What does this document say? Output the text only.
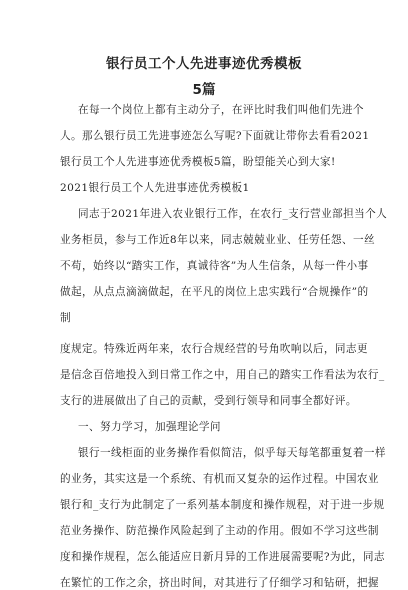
银行员工个人先进事迹优秀模板
5篇
在每一个岗位上都有主动分子，在评比时我们叫他们先进个
人。那么银行员工先进事迹怎么写呢?下面就让带你去看看2021
银行员工个人先进事迹优秀模板5篇，盼望能关心到大家!
2021银行员工个人先进事迹优秀模板1
同志于2021年进入农业银行工作，在农行_支行营业部担当个人
业务柜员，参与工作近8年以来，同志兢兢业业、任劳任怨、一丝
不苟，始终以“踏实工作，真诚待客”为人生信条，从每一件小事
做起，从点点滴滴做起，在平凡的岗位上忠实践行“合规操作”的
制
度规定。特殊近两年来，农行合规经营的号角吹响以后，同志更
是信念百倍地投入到日常工作之中，用自己的踏实工作看法为农行_
支行的进展做出了自己的贡献，受到行领导和同事全都好评。
一、努力学习，加强理论学问
银行一线柜面的业务操作看似简洁，似乎每天每笔都重复着一样
的业务，其实这是一个系统、有机而又复杂的运作过程。中国农业
银行和_支行为此制定了一系列基本制度和操作规程，对于进一步规
范业务操作、防范操作风险起到了主动的作用。假如不学习这些制
度和操作规程，怎么能适应日新月异的工作进展需要呢?为此，同志
在繁忙的工作之余，挤出时间，对其进行了仔细学习和钻研，把握
